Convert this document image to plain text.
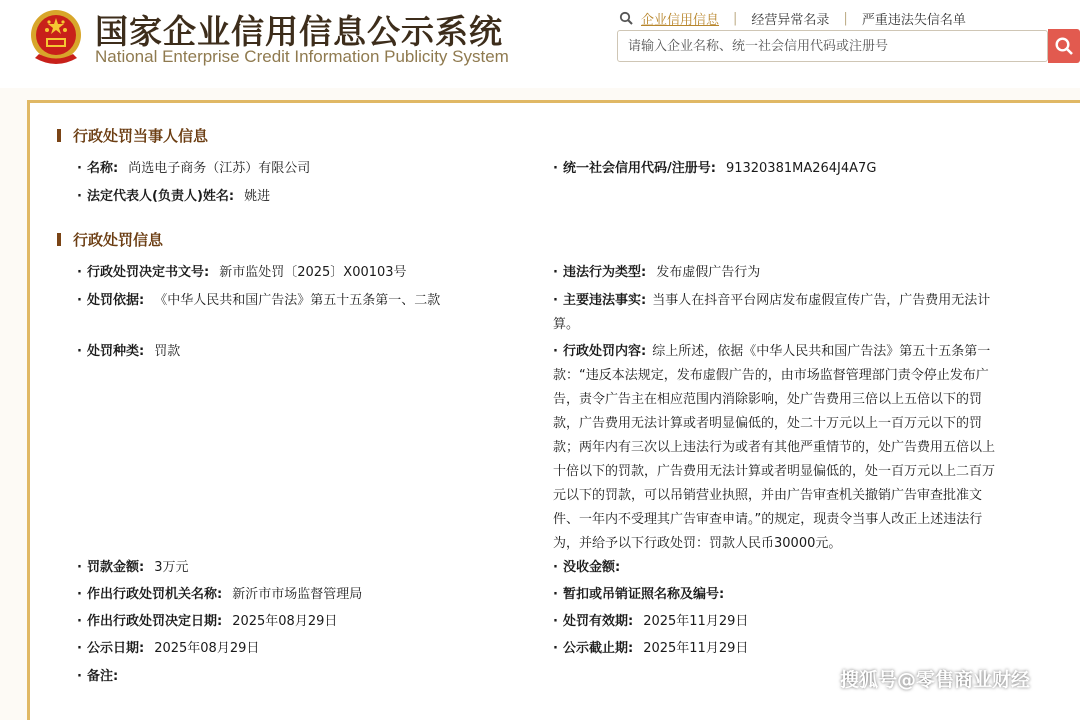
国家企业信用信息公示系统
National Enterprise Credit Information Publicity System
企业信用信息 | 经营异常名录 | 严重违法失信名单
请输入企业名称、统一社会信用代码或注册号
行政处罚当事人信息
· 名称: 尚选电子商务（江苏）有限公司	· 统一社会信用代码/注册号: 91320381MA264J4A7G
· 法定代表人(负责人)姓名: 姚进
行政处罚信息
· 行政处罚决定书文号: 新市监处罚〔2025〕X00103号	· 违法行为类型: 发布虚假广告行为
· 处罚依据: 《中华人民共和国广告法》第五十五条第一、二款	· 主要违法事实: 当事人在抖音平台网店发布虚假宣传广告，广告费用无法计算。
· 处罚种类: 罚款	· 行政处罚内容: 综上所述，依据《中华人民共和国广告法》第五十五条第一款：“违反本法规定，发布虚假广告的，由市场监督管理部门责令停止发布广告，责令广告主在相应范围内消除影响，处广告费用三倍以上五倍以下的罚款，广告费用无法计算或者明显偏低的，处二十万元以上一百万元以下的罚款；两年内有三次以上违法行为或者有其他严重情节的，处广告费用五倍以上十倍以下的罚款，广告费用无法计算或者明显偏低的，处一百万元以上二百万元以下的罚款，可以吊销营业执照，并由广告审查机关撤销广告审查批准文件、一年内不受理其广告审查申请。”的规定，现责令当事人改正上述违法行为，并给予以下行政处罚：罚款人民币30000元。
· 罚款金额: 3万元	· 没收金额:
· 作出行政处罚机关名称: 新沂市市场监督管理局	· 暂扣或吊销证照名称及编号:
· 作出行政处罚决定日期: 2025年08月29日	· 处罚有效期: 2025年11月29日
· 公示日期: 2025年08月29日	· 公示截止期: 2025年11月29日
· 备注:	搜狐号@零售商业财经
